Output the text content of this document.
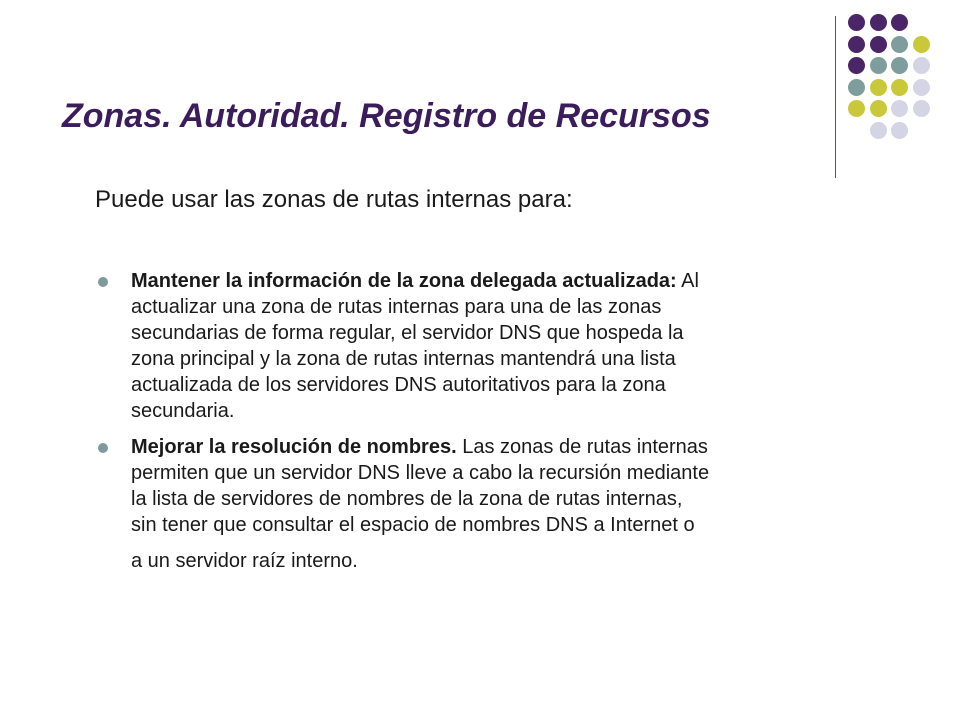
Zonas. Autoridad. Registro de Recursos

Puede usar las zonas de rutas internas para:

Mantener la información de la zona delegada actualizada: Al
actualizar una zona de rutas internas para una de las zonas
secundarias de forma regular, el servidor DNS que hospeda la
zona principal y la zona de rutas internas mantendrá una lista
actualizada de los servidores DNS autoritativos para la zona
secundaria.
Mejorar la resolución de nombres. Las zonas de rutas internas
permiten que un servidor DNS lleve a cabo la recursión mediante
la lista de servidores de nombres de la zona de rutas internas,
sin tener que consultar el espacio de nombres DNS a Internet o
a un servidor raíz interno.
